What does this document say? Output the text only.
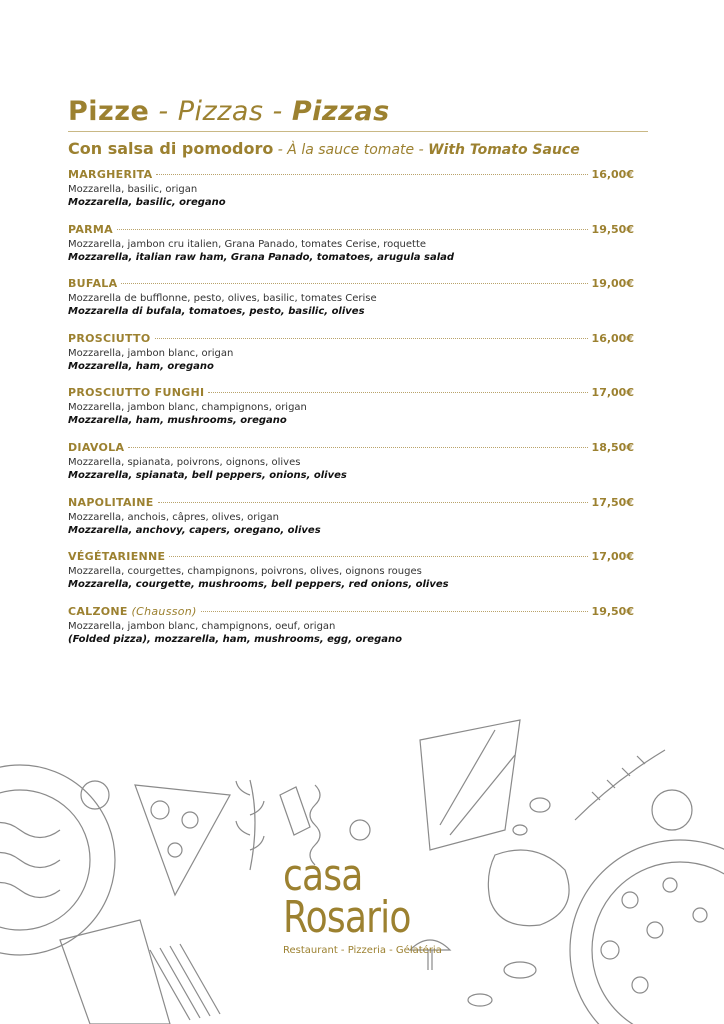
Pizze - Pizzas - Pizzas
Con salsa di pomodoro - À la sauce tomate - With Tomato Sauce
MARGHERITA	16,00€
Mozzarella, basilic, origan
Mozzarella, basilic, oregano
PARMA	19,50€
Mozzarella, jambon cru italien, Grana Panado, tomates Cerise, roquette
Mozzarella, italian raw ham, Grana Panado, tomatoes, arugula salad
BUFALA	19,00€
Mozzarella de bufflonne, pesto, olives, basilic, tomates Cerise
Mozzarella di bufala, tomatoes, pesto, basilic, olives
PROSCIUTTO	16,00€
Mozzarella, jambon blanc, origan
Mozzarella, ham, oregano
PROSCIUTTO FUNGHI	17,00€
Mozzarella, jambon blanc, champignons, origan
Mozzarella, ham, mushrooms, oregano
DIAVOLA	18,50€
Mozzarella, spianata, poivrons, oignons, olives
Mozzarella, spianata, bell peppers, onions, olives
NAPOLITAINE	17,50€
Mozzarella, anchois, câpres, olives, origan
Mozzarella, anchovy, capers, oregano, olives
VÉGÉTARIENNE	17,00€
Mozzarella, courgettes, champignons, poivrons, olives, oignons rouges
Mozzarella, courgette, mushrooms, bell peppers, red onions, olives
CALZONE (Chausson)	19,50€
Mozzarella, jambon blanc, champignons, oeuf, origan
(Folded pizza), mozzarella, ham, mushrooms, egg, oregano
casa
Rosario
Restaurant - Pizzeria - Gélatéria
